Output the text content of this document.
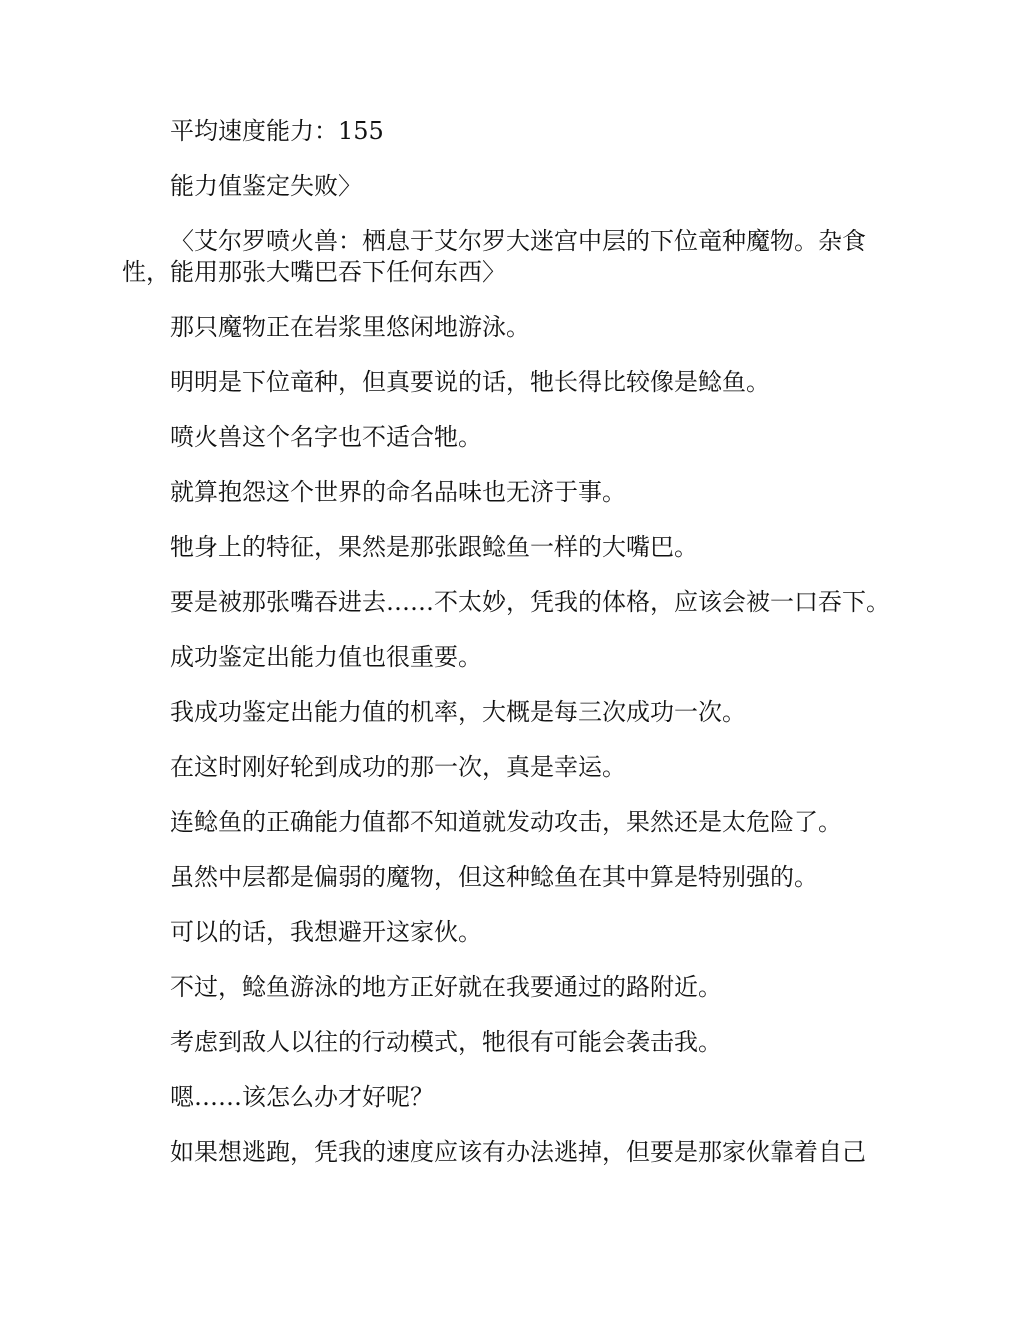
平均速度能力：155

能力值鉴定失败〉

〈艾尔罗喷火兽：栖息于艾尔罗大迷宫中层的下位竜种魔物。杂食性，能用那张大嘴巴吞下任何东西〉

那只魔物正在岩浆里悠闲地游泳。

明明是下位竜种，但真要说的话，牠长得比较像是鲶鱼。

喷火兽这个名字也不适合牠。

就算抱怨这个世界的命名品味也无济于事。

牠身上的特征，果然是那张跟鲶鱼一样的大嘴巴。

要是被那张嘴吞进去……不太妙，凭我的体格，应该会被一口吞下。

成功鉴定出能力值也很重要。

我成功鉴定出能力值的机率，大概是每三次成功一次。

在这时刚好轮到成功的那一次，真是幸运。

连鲶鱼的正确能力值都不知道就发动攻击，果然还是太危险了。

虽然中层都是偏弱的魔物，但这种鲶鱼在其中算是特别强的。

可以的话，我想避开这家伙。

不过，鲶鱼游泳的地方正好就在我要通过的路附近。

考虑到敌人以往的行动模式，牠很有可能会袭击我。

嗯……该怎么办才好呢？

如果想逃跑，凭我的速度应该有办法逃掉，但要是那家伙靠着自己
